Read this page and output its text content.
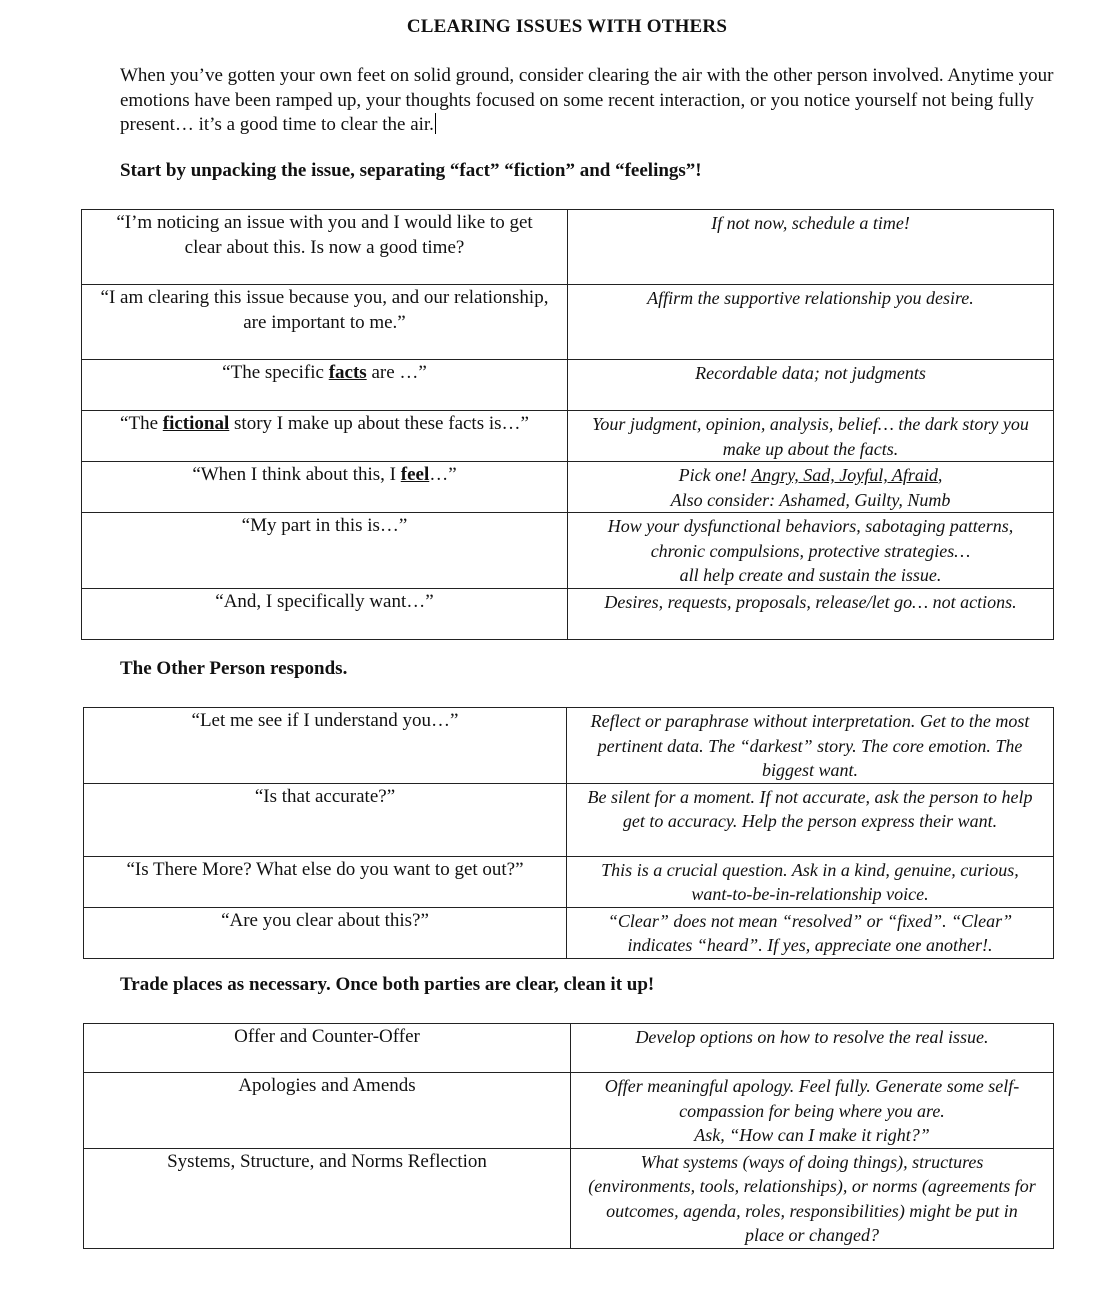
CLEARING ISSUES WITH OTHERS
When you’ve gotten your own feet on solid ground, consider clearing the air with the other person involved. Anytime your emotions have been ramped up, your thoughts focused on some recent interaction, or you notice yourself not being fully present… it’s a good time to clear the air.
Start by unpacking the issue, separating “fact” “fiction” and “feelings”!
“I’m noticing an issue with you and I would like to get clear about this. Is now a good time?	If not now, schedule a time!
“I am clearing this issue because you, and our relationship, are important to me.”	Affirm the supportive relationship you desire.
“The specific facts are …”	Recordable data; not judgments
“The fictional story I make up about these facts is…”	Your judgment, opinion, analysis, belief… the dark story you make up about the facts.
“When I think about this, I feel…”	Pick one! Angry, Sad, Joyful, Afraid,
Also consider: Ashamed, Guilty, Numb

“My part in this is…”	How your dysfunctional behaviors, sabotaging patterns, chronic compulsions, protective strategies…
all help create and sustain the issue.

“And, I specifically want…”	Desires, requests, proposals, release/let go… not actions.
The Other Person responds.
“Let me see if I understand you…”	Reflect or paraphrase without interpretation. Get to the most pertinent data. The “darkest” story. The core emotion. The biggest want.
“Is that accurate?”	Be silent for a moment. If not accurate, ask the person to help get to accuracy. Help the person express their want.
“Is There More? What else do you want to get out?”	This is a crucial question. Ask in a kind, genuine, curious, want-to-be-in-relationship voice.
“Are you clear about this?”	“Clear” does not mean “resolved” or “fixed”. “Clear” indicates “heard”. If yes, appreciate one another!.
Trade places as necessary. Once both parties are clear, clean it up!
Offer and Counter-Offer	Develop options on how to resolve the real issue.
Apologies and Amends	Offer meaningful apology. Feel fully. Generate some self-compassion for being where you are.
Ask, “How can I make it right?”

Systems, Structure, and Norms Reflection	What systems (ways of doing things), structures (environments, tools, relationships), or norms (agreements for outcomes, agenda, roles, responsibilities) might be put in place or changed?
